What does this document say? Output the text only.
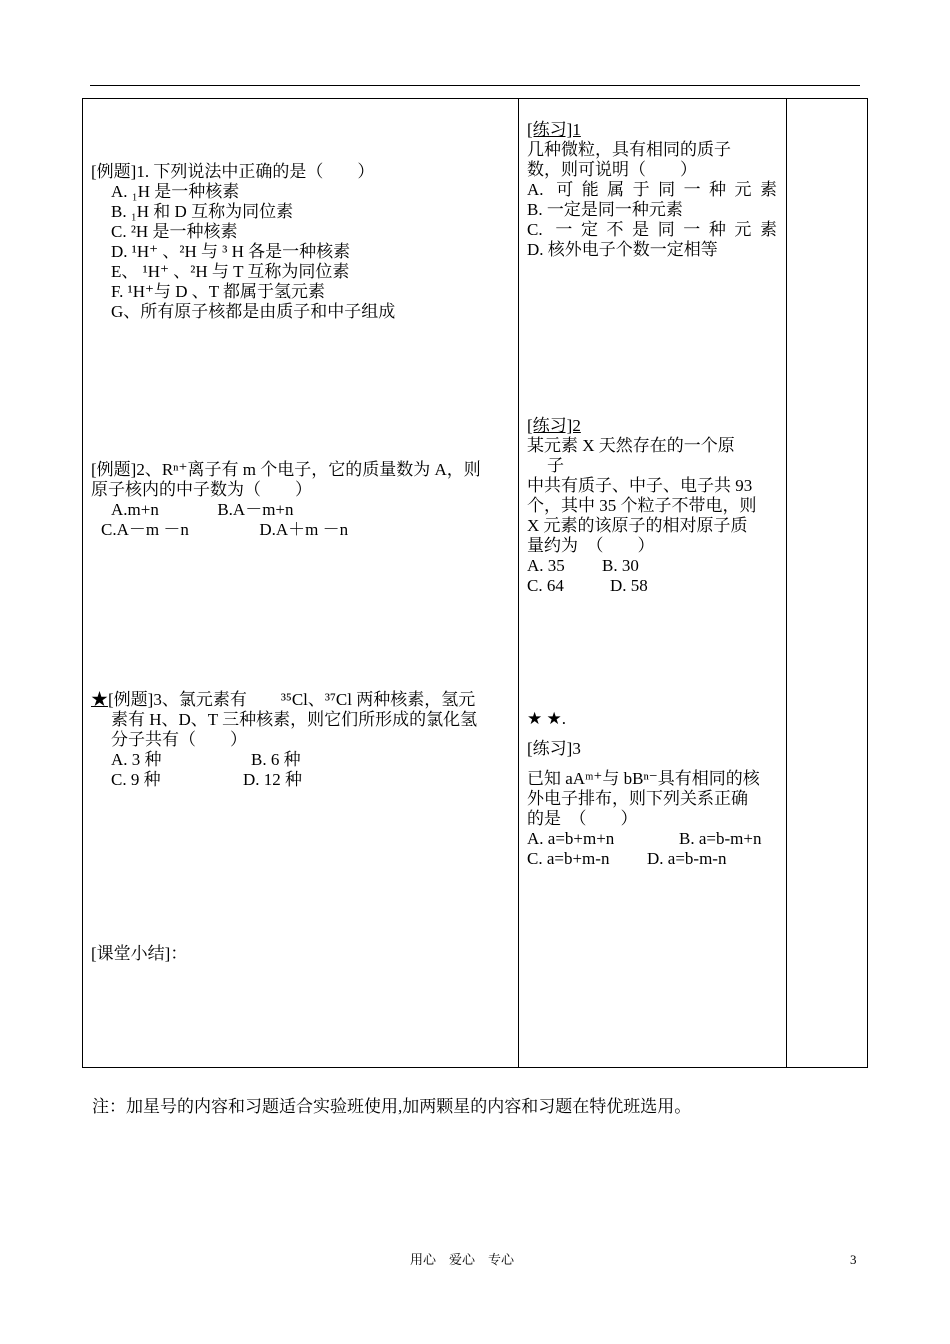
[例题]1. 下列说法中正确的是（　　）

A. ₁H 是一种核素

B. ₁H 和 D 互称为同位素

C. ²H 是一种核素

D. ¹H⁺ 、²H 与 ³ H 各是一种核素

E、 ¹H⁺ 、²H 与 T 互称为同位素

F. ¹H⁺与 D 、T 都属于氢元素

G、所有原子核都是由质子和中子组成

[例题]2、Rⁿ⁺离子有 m 个电子，它的质量数为 A，则

原子核内的中子数为（　　）

A.m+n	B.A－m+n

C.A－m －n	D.A＋m －n

★[例题]3、氯元素有　　³⁵Cl、³⁷Cl 两种核素，氢元

素有 H、D、T 三种核素，则它们所形成的氯化氢

分子共有（　　）

A. 3 种	B. 6 种

C. 9 种	D. 12 种

[课堂小结]：

[练习]1

几种微粒，具有相同的质子

数，则可说明（　　）

A. 可能属于同一种元素

B. 一定是同一种元素

C. 一定不是同一种元素

D. 核外电子个数一定相等

[练习]2

某元素 X 天然存在的一个原

子

中共有质子、中子、电子共 93

个，其中 35 个粒子不带电，则

X 元素的该原子的相对原子质

量约为　（　　）

A. 35 B. 30

C. 64	D. 58

★ ★.

[练习]3

已知 aAᵐ⁺与 bBⁿ⁻具有相同的核

外电子排布，则下列关系正确

的是　（　　）

A. a=b+m+n	B. a=b-m+n

C. a=b+m-n D. a=b-m-n

注：加星号的内容和习题适合实验班使用,加两颗星的内容和习题在特优班选用。
用心　爱心　专心	3
